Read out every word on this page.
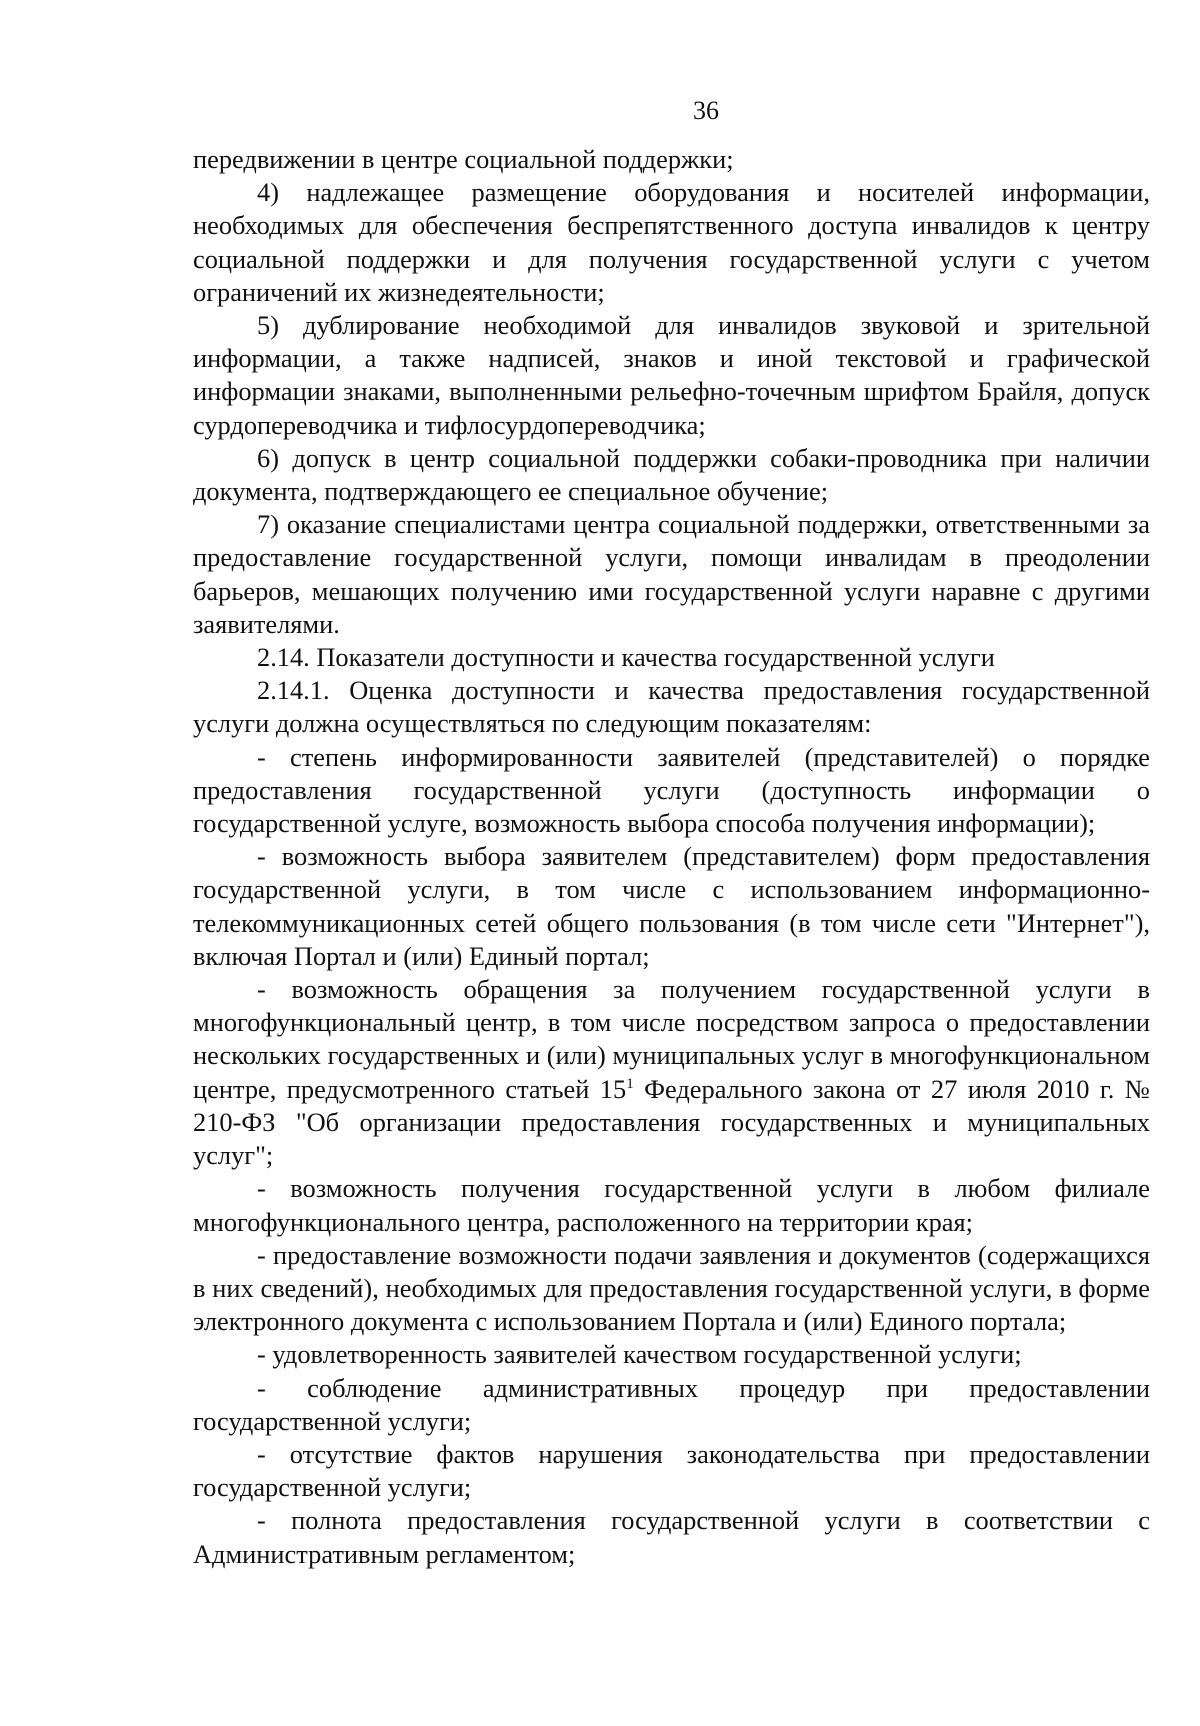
36

передвижении в центре социальной поддержки;

4) надлежащее размещение оборудования и носителей информации, необходимых для обеспечения беспрепятственного доступа инвалидов к центру социальной поддержки и для получения государственной услуги с учетом ограничений их жизнедеятельности;

5) дублирование необходимой для инвалидов звуковой и зрительной информации, а также надписей, знаков и иной текстовой и графической информации знаками, выполненными рельефно-точечным шрифтом Брайля, допуск сурдопереводчика и тифлосурдопереводчика;

6) допуск в центр социальной поддержки собаки-проводника при наличии документа, подтверждающего ее специальное обучение;

7) оказание специалистами центра социальной поддержки, ответственными за предоставление государственной услуги, помощи инвалидам в преодолении барьеров, мешающих получению ими государственной услуги наравне с другими заявителями.

2.14. Показатели доступности и качества государственной услуги

2.14.1. Оценка доступности и качества предоставления государственной услуги должна осуществляться по следующим показателям:

- степень информированности заявителей (представителей) о порядке предоставления государственной услуги (доступность информации о государственной услуге, возможность выбора способа получения информации);

- возможность выбора заявителем (представителем) форм предоставления государственной услуги, в том числе с использованием информационно-телекоммуникационных сетей общего пользования (в том числе сети "Интернет"), включая Портал и (или) Единый портал;

- возможность обращения за получением государственной услуги в многофункциональный центр, в том числе посредством запроса о предоставлении нескольких государственных и (или) муниципальных услуг в многофункциональном центре, предусмотренного статьей $15^1$ Федерального закона от 27 июля 2010 г. № 210-ФЗ "Об организации предоставления государственных и муниципальных услуг";

- возможность получения государственной услуги в любом филиале многофункционального центра, расположенного на территории края;

- предоставление возможности подачи заявления и документов (содержащихся в них сведений), необходимых для предоставления государственной услуги, в форме электронного документа с использованием Портала и (или) Единого портала;

- удовлетворенность заявителей качеством государственной услуги;

- соблюдение административных процедур при предоставлении государственной услуги;

- отсутствие фактов нарушения законодательства при предоставлении государственной услуги;

- полнота предоставления государственной услуги в соответствии с Административным регламентом;
